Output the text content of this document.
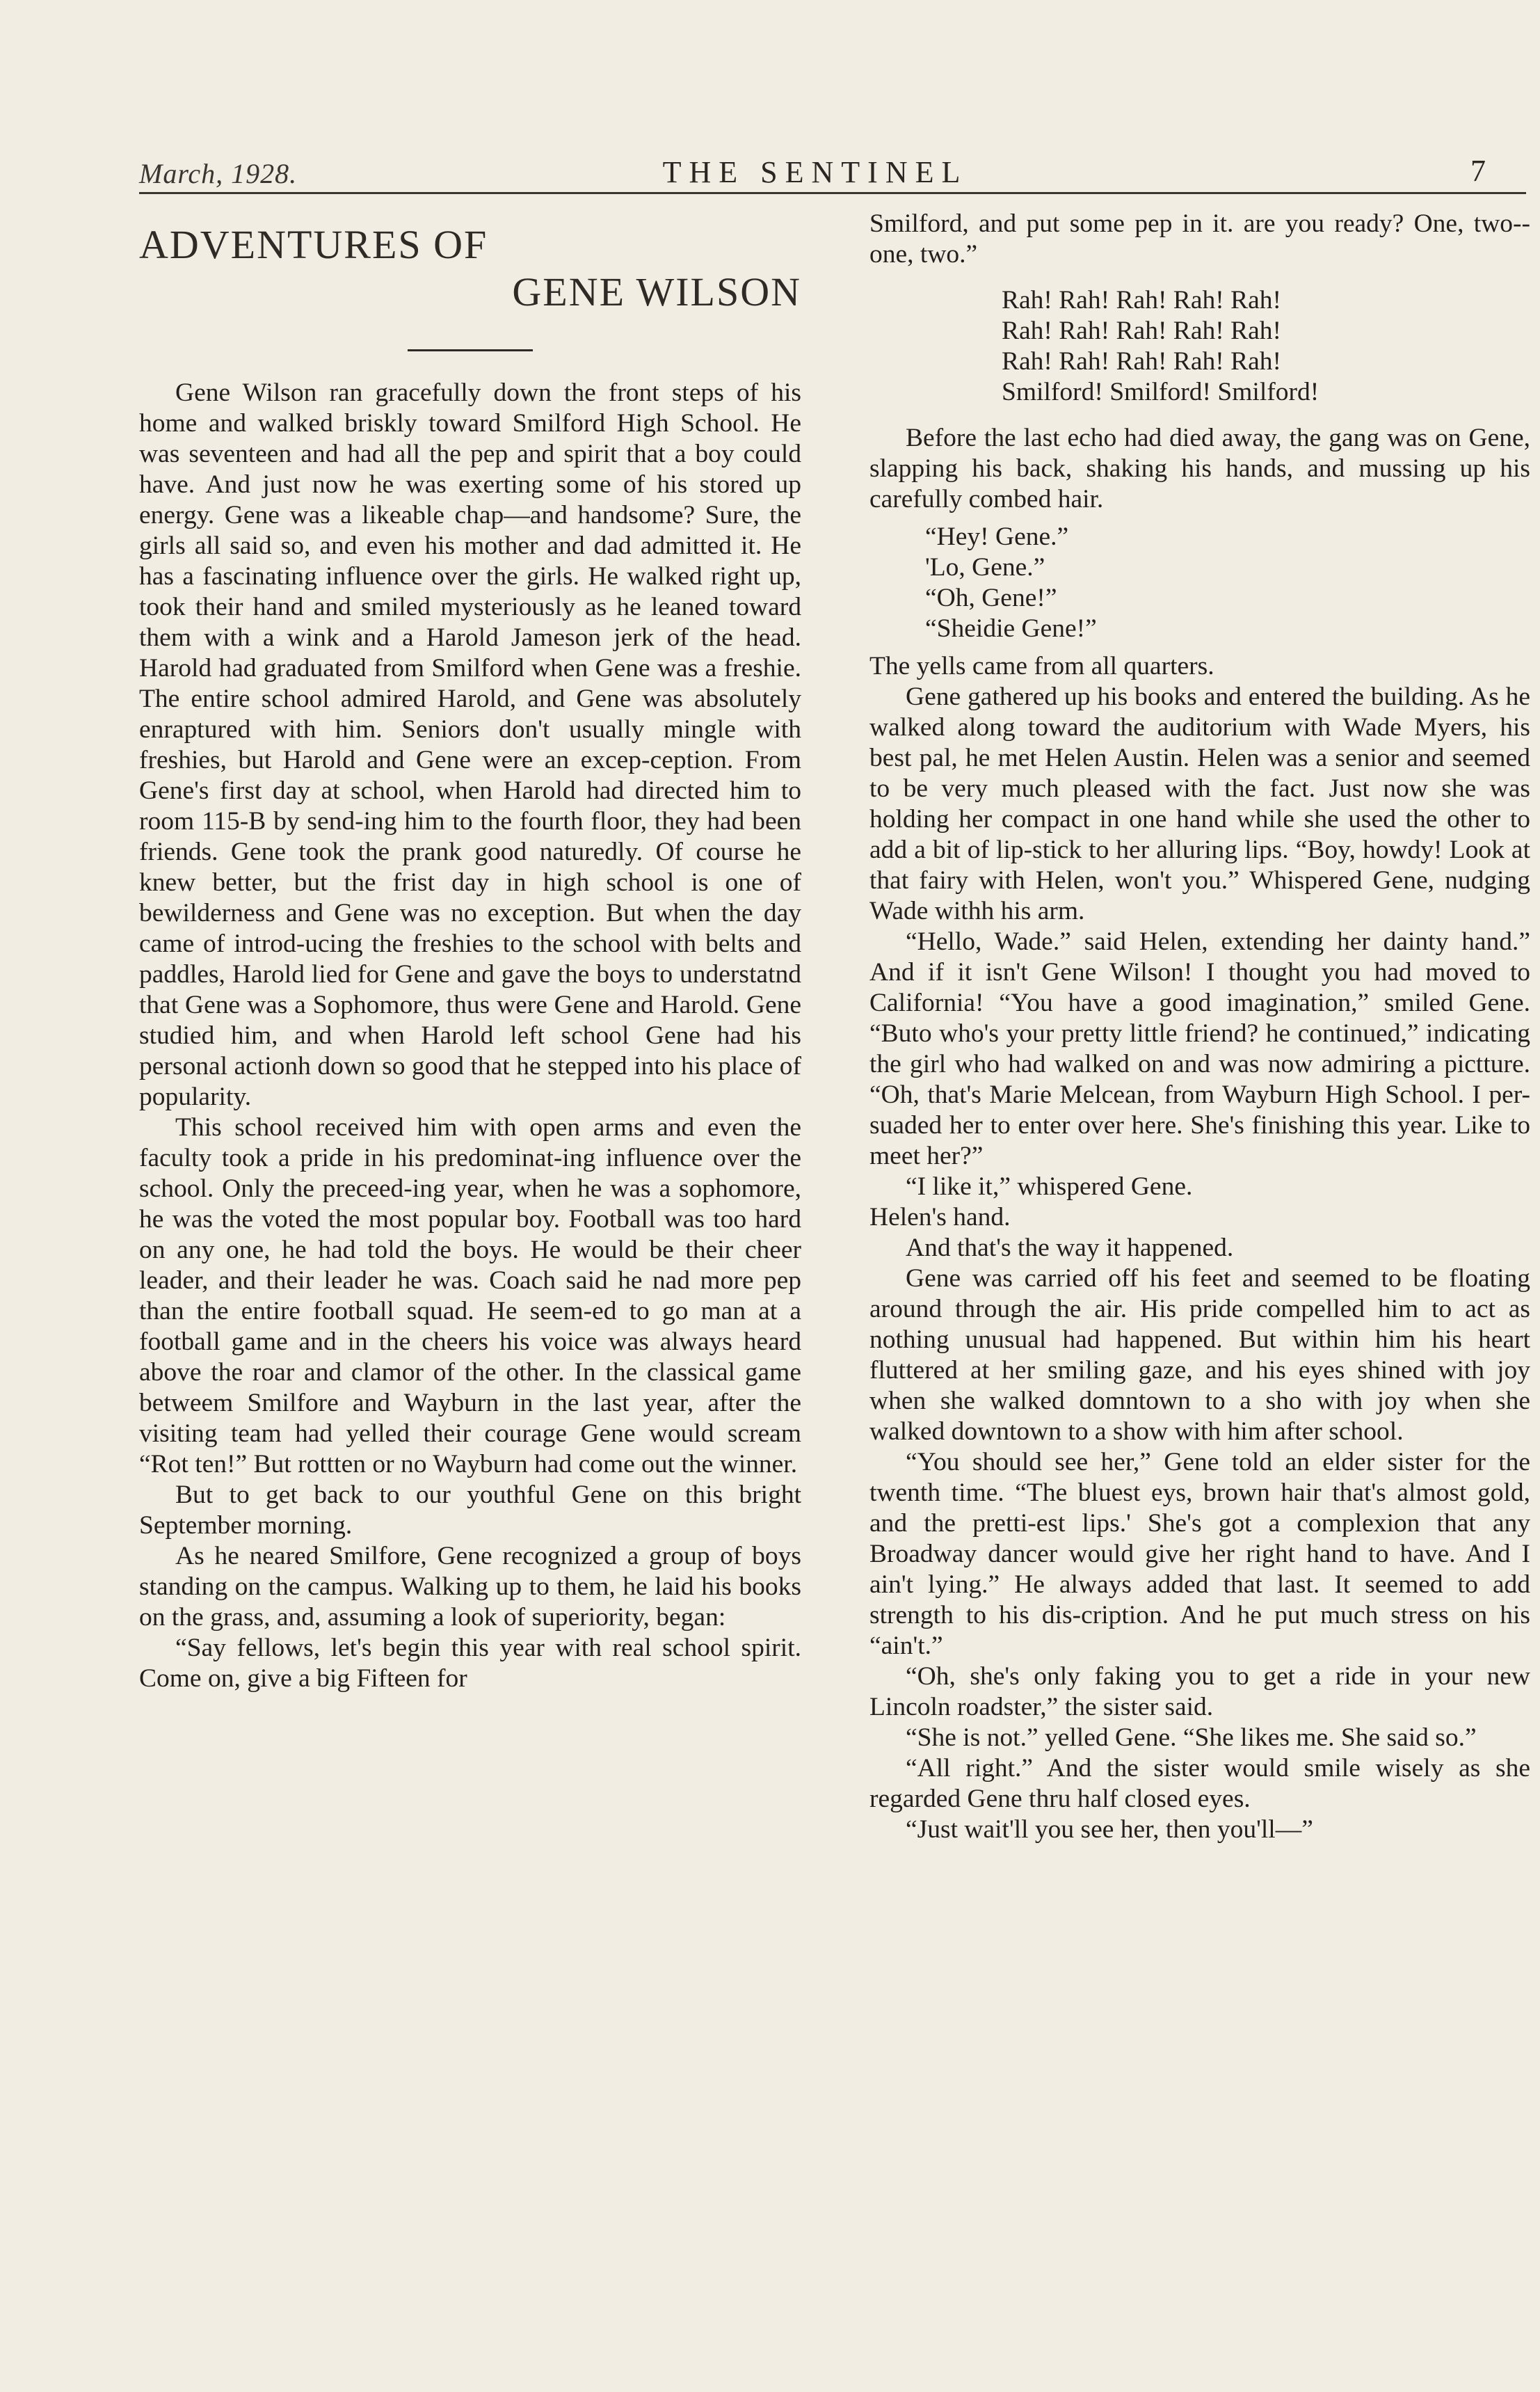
March, 1928.	THE SENTINEL	7
ADVENTURES OF
GENE WILSON

Gene Wilson ran gracefully down the front steps of his home and walked briskly toward Smilford High School. He was seventeen and had all the pep and spirit that a boy could have. And just now he was exerting some of his stored up energy. Gene was a likeable chap—and handsome? Sure, the girls all said so, and even his mother and dad admitted it. He has a fascinating influence over the girls. He walked right up, took their hand and smiled mysteriously as he leaned toward them with a wink and a Harold Jameson jerk of the head. Harold had graduated from Smilford when Gene was a freshie. The entire school admired Harold, and Gene was absolutely enraptured with him. Seniors don't usually mingle with freshies, but Harold and Gene were an excep-ception. From Gene's first day at school, when Harold had directed him to room 115-B by send-ing him to the fourth floor, they had been friends. Gene took the prank good naturedly. Of course he knew better, but the frist day in high school is one of bewilderness and Gene was no exception. But when the day came of introd-ucing the freshies to the school with belts and paddles, Harold lied for Gene and gave the boys to understatnd that Gene was a Sophomore, thus were Gene and Harold. Gene studied him, and when Harold left school Gene had his personal actionh down so good that he stepped into his place of popularity.

This school received him with open arms and even the faculty took a pride in his predominat-ing influence over the school. Only the preceed-ing year, when he was a sophomore, he was the voted the most popular boy. Football was too hard on any one, he had told the boys. He would be their cheer leader, and their leader he was. Coach said he nad more pep than the entire football squad. He seem-ed to go man at a football game and in the cheers his voice was always heard above the roar and clamor of the other. In the classical game betweem Smilfore and Wayburn in the last year, after the visiting team had yelled their courage Gene would scream “Rot ten!” But rottten or no Wayburn had come out the winner.

But to get back to our youthful Gene on this bright September morning.

As he neared Smilfore, Gene recognized a group of boys standing on the campus. Walking up to them, he laid his books on the grass, and, assuming a look of superiority, began:

“Say fellows, let's begin this year with real school spirit. Come on, give a big Fifteen for

Smilford, and put some pep in it. are you ready? One, two--one, two.”

Rah! Rah! Rah! Rah! Rah!
Rah! Rah! Rah! Rah! Rah!
Rah! Rah! Rah! Rah! Rah!
Smilford! Smilford! Smilford!

Before the last echo had died away, the gang was on Gene, slapping his back, shaking his hands, and mussing up his carefully combed hair.

“Hey! Gene.”
'Lo, Gene.”
“Oh, Gene!”
“Sheidie Gene!”

The yells came from all quarters.

Gene gathered up his books and entered the building. As he walked along toward the auditorium with Wade Myers, his best pal, he met Helen Austin. Helen was a senior and seemed to be very much pleased with the fact. Just now she was holding her compact in one hand while she used the other to add a bit of lip-stick to her alluring lips. “Boy, howdy! Look at that fairy with Helen, won't you.” Whispered Gene, nudging Wade withh his arm.

“Hello, Wade.” said Helen, extending her dainty hand.” And if it isn't Gene Wilson! I thought you had moved to California! “You have a good imagination,” smiled Gene. “Buto who's your pretty little friend? he continued,” indicating the girl who had walked on and was now admiring a pictture. “Oh, that's Marie Melcean, from Wayburn High School. I per-suaded her to enter over here. She's finishing this year. Like to meet her?”

“I like it,” whispered Gene.

Helen's hand.

And that's the way it happened.

Gene was carried off his feet and seemed to be floating around through the air. His pride compelled him to act as nothing unusual had happened. But within him his heart fluttered at her smiling gaze, and his eyes shined with joy when she walked domntown to a sho with joy when she walked downtown to a show with him after school.

“You should see her,” Gene told an elder sister for the twenth time. “The bluest eys, brown hair that's almost gold, and the pretti-est lips.' She's got a complexion that any Broadway dancer would give her right hand to have. And I ain't lying.” He always added that last. It seemed to add strength to his dis-cription. And he put much stress on his “ain't.”

“Oh, she's only faking you to get a ride in your new Lincoln roadster,” the sister said.

“She is not.” yelled Gene. “She likes me. She said so.”

“All right.” And the sister would smile wisely as she regarded Gene thru half closed eyes.

“Just wait'll you see her, then you'll—”
